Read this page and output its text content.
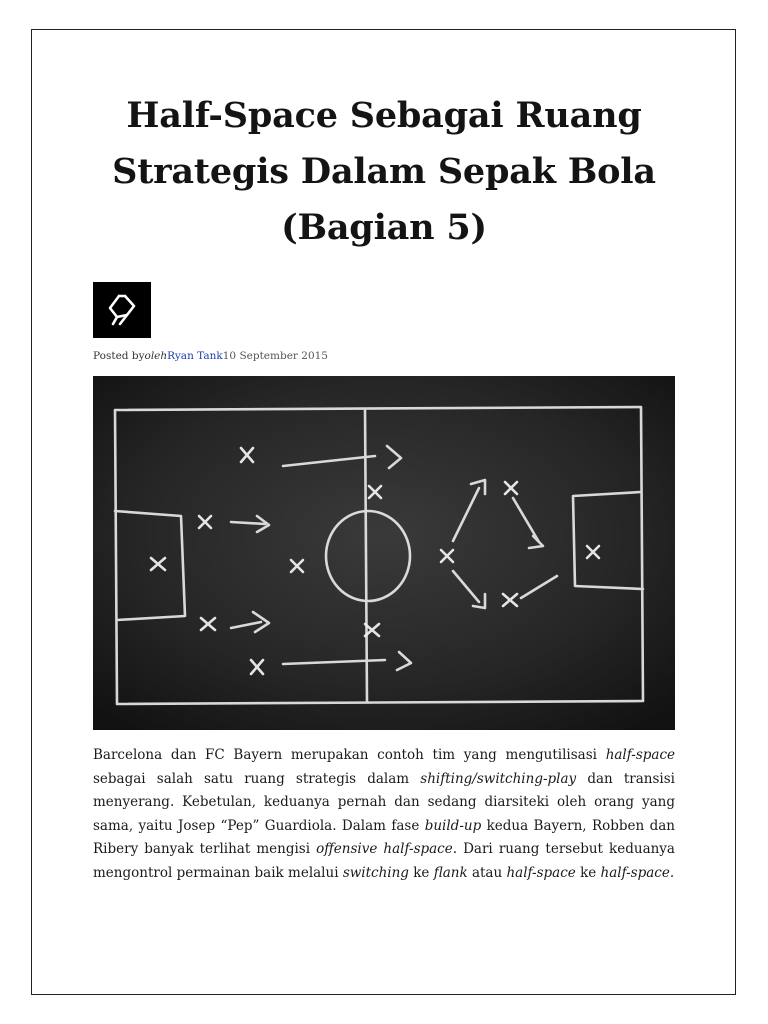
Half-Space Sebagai Ruang
Strategis Dalam Sepak Bola
(Bagian 5)
Posted byolehRyan Tank10 September 2015

Barcelona dan FC Bayern merupakan contoh tim yang mengutilisasi half-space sebagai salah satu ruang strategis dalam shifting/switching-play dan transisi menyerang. Kebetulan, keduanya pernah dan sedang diarsiteki oleh orang yang sama, yaitu Josep “Pep” Guardiola. Dalam fase build-up kedua Bayern, Robben dan Ribery banyak terlihat mengisi offensive half-space. Dari ruang tersebut keduanya mengontrol permainan baik melalui switching ke flank atau half-space ke half-space.
